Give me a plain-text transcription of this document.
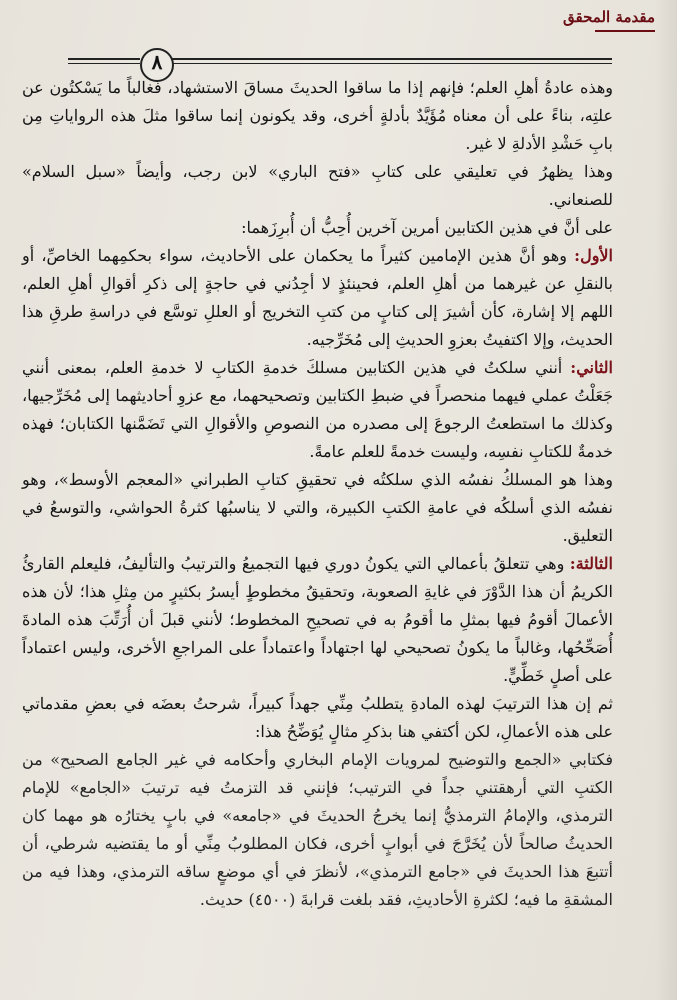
مقدمة المحقق
٨

وهذه عادةُ أهلِ العلم؛ فإنهم إذا ما ساقوا الحديثَ مساقَ الاستشهاد، فغالباً ما يَسْكتُون عن علتِه، بناءً على أن معناه مُؤَيَّدٌ بأدلةٍ أخرى، وقد يكونون إنما ساقوا مثلَ هذه الرواياتِ مِن بابِ حَشْدِ الأدلةِ لا غير.

وهذا يظهرُ في تعليقي على كتابِ «فتح الباري» لابن رجب، وأيضاً «سبل السلام» للصنعاني.

على أنَّ في هذين الكتابين أمرين آخرين أُحِبُّ أن أُبرِزَهما:

الأول: وهو أنَّ هذين الإمامين كثيراً ما يحكمان على الأحاديث، سواء بحكمِهما الخاصِّ، أو بالنقلِ عن غيرهما من أهلِ العلم، فحينئذٍ لا أجِدُني في حاجةٍ إلى ذكرِ أقوالِ أهلِ العلم، اللهم إلا إشارة، كأن أشيرَ إلى كتابٍ من كتبِ التخريج أو العللِ توسَّع في دراسةِ طرقِ هذا الحديث، وإلا اكتفيتُ بعزوِ الحديثِ إلى مُخَرِّجيه.

الثاني: أنني سلكتُ في هذين الكتابين مسلكَ خدمةِ الكتابِ لا خدمةِ العلم، بمعنى أنني جَعَلْتُ عملي فيهما منحصراً في ضبطِ الكتابين وتصحيحهما، مع عزوِ أحاديثهما إلى مُخَرِّجيها، وكذلك ما استطعتُ الرجوعَ إلى مصدره من النصوصِ والأقوالِ التي تَضَمَّنها الكتابان؛ فهذه خدمةٌ للكتابِ نفسِه، وليست خدمةً للعلم عامةً.

وهذا هو المسلكُ نفسُه الذي سلكتُه في تحقيقِ كتابِ الطبراني «المعجم الأوسط»، وهو نفسُه الذي أسلكُه في عامةِ الكتبِ الكبيرة، والتي لا يناسبُها كثرةُ الحواشي، والتوسعُ في التعليق.

الثالثة: وهي تتعلقُ بأعمالي التي يكونُ دوري فيها التجميعُ والترتيبُ والتأليفُ، فليعلم القارئُ الكريمُ أن هذا الدَّوْرَ في غايةِ الصعوبة، وتحقيقُ مخطوطٍ أيسرُ بكثيرٍ من مِثلِ هذا؛ لأن هذه الأعمالَ أقومُ فيها بمثلِ ما أقومُ به في تصحيحِ المخطوط؛ لأنني قبلَ أن أُرَتِّبَ هذه المادةَ أُصَحِّحُها، وغالباً ما يكونُ تصحيحي لها اجتهاداً واعتماداً على المراجعِ الأخرى، وليس اعتماداً على أصلٍ خَطِّيٍّ.

ثم إن هذا الترتيبَ لهذه المادةِ يتطلبُ مِنِّي جهداً كبيراً، شرحتُ بعضَه في بعضِ مقدماتي على هذه الأعمالِ، لكن أكتفي هنا بذكرِ مثالٍ يُوَضِّحُ هذا:

فكتابي «الجمع والتوضيح لمرويات الإمام البخاري وأحكامه في غير الجامع الصحيح» من الكتبِ التي أرهقتني جداً في الترتيب؛ فإنني قد التزمتُ فيه ترتيبَ «الجامع» للإمام الترمذي، والإمامُ الترمذيُّ إنما يخرجُ الحديثَ في «جامعه» في بابٍ يختارُه هو مهما كان الحديثُ صالحاً لأن يُخَرَّجَ في أبوابٍ أخرى، فكان المطلوبُ مِنِّي أو ما يقتضيه شرطي، أن أتتبعَ هذا الحديثَ في «جامع الترمذي»، لأنظرَ في أي موضعٍ ساقه الترمذي، وهذا فيه من المشقةِ ما فيه؛ لكثرةِ الأحاديثِ، فقد بلغت قرابةَ (٤٥٠٠) حديث.
